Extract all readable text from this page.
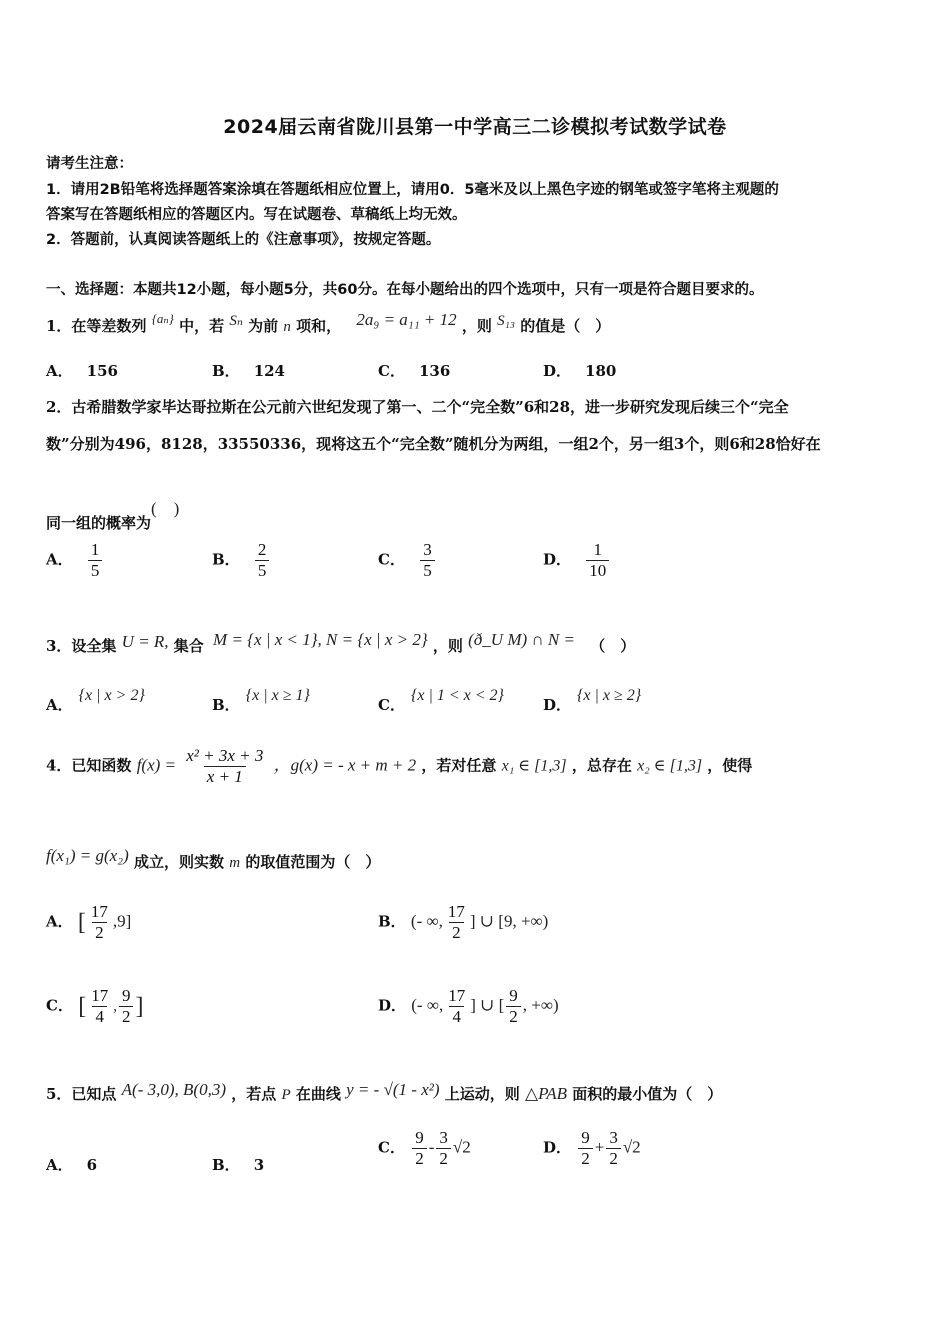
2024届云南省陇川县第一中学高三二诊模拟考试数学试卷
请考生注意：
1．请用2B铅笔将选择题答案涂填在答题纸相应位置上，请用0．5毫米及以上黑色字迹的钢笔或签字笔将主观题的
答案写在答题纸相应的答题区内。写在试题卷、草稿纸上均无效。
2．答题前，认真阅读答题纸上的《注意事项》，按规定答题。
一、选择题：本题共12小题，每小题5分，共60分。在每小题给出的四个选项中，只有一项是符合题目要求的。
1．在等差数列 {aₙ} 中，若 Sₙ 为前 n 项和， 2a₉ = a₁₁ + 12 ，则 S₁₃ 的值是（　）
A． 156	B． 124	C． 136	D． 180
2．古希腊数学家毕达哥拉斯在公元前六世纪发现了第一、二个“完全数”6和28，进一步研究发现后续三个“完全
数”分别为496，8128，33550336，现将这五个“完全数”随机分为两组，一组2个，另一组3个，则6和28恰好在
同一组的概率为(　)
A． $\frac{1}{5}$	B． $\frac{2}{5}$	C． $\frac{3}{5}$	D． $\frac{1}{10}$
3．设全集 U = R, 集合 M = {x | x < 1}, N = {x | x > 2} ，则 (ð_U M) ∩ N = （　）
A．{x | x > 2}
B．{x | x ≥ 1}
C．{x | 1 < x < 2}
D．{x | x ≥ 2}
4．已知函数 $f(x) = \frac{\text{x² + 3x + 3}}{x + 1}$ ，g(x) = - x + m + 2 ，若对任意 x₁ ∈ [1,3] ，总存在 x₂ ∈ [1,3] ，使得
f(x₁) = g(x₂) 成立，则实数 m 的取值范围为（　）
A． [ $\frac{17}{2} ,9$]	B． (- ∞, $\frac{17}{2}$ ] ∪ [9, +∞)
C． [ $\frac{17}{4}$ , $\frac{9}{2}$ ]	D． (- ∞, $\frac{17}{4}$ ] ∪ [ $\frac{9}{2}$ , +∞)
5．已知点 A(- 3,0), B(0,3) ，若点 P 在曲线 y = - √(1 - x²) 上运动，则 △PAB 面积的最小值为（　）
A． 6	B． 3
C． $\frac{9}{2} - \frac{3}{2} √2$	D． $\frac{9}{2} + \frac{3}{2} √2$
